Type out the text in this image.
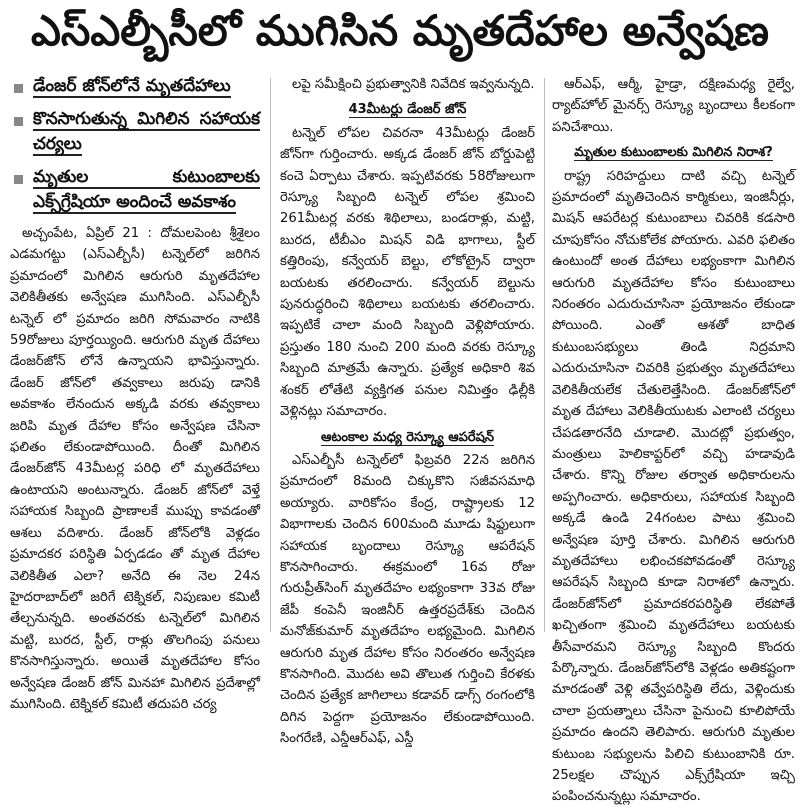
ఎస్ఎల్బీసీలో ముగిసిన మృతదేహాల అన్వేషణ
డేంజర్ జోన్‌లోనే మృతదేహాలు
కొనసాగుతున్న మిగిలిన సహాయక చర్యలు
మృతుల కుటుంబాలకు ఎక్స్‌గ్రేషియా అందించే అవకాశం

అచ్చంపేట, ఏప్రిల్ 21 : దోమలపెంట శ్రీశైలం ఎడమగట్టు (ఎస్ఎల్బీసీ) టన్నెల్‌లో జరిగిన ప్రమాదంలో మిగిలిన ఆరుగురి మృతదేహాల వెలికితీతకు అన్వేషణ ముగిసింది. ఎస్ఎల్బీసీ టన్నెల్ లో ప్రమాదం జరిగి సోమవారం నాటికి 59రోజులు పూర్తయ్యింది. ఆరుగురి మృత దేహాలు డేంజర్‌జోన్ లోనే ఉన్నాయని భావిస్తున్నారు. డేంజర్ జోన్‌లో తవ్వకాలు జరుపు డానికి అవకాశం లేనందున అక్కడి వరకు తవ్వకాలు జరిపి మృత దేహాల కోసం అన్వేషణ చేసినా ఫలితం లేకుండాపోయింది. దీంతో మిగిలిన డేంజర్‌జోన్ 43మీటర్ల పరిధి లో మృతదేహాలు ఉంటాయని అంటున్నారు. డేంజర్ జోన్‌లో వెళ్తే సహాయక సిబ్బంది ప్రాణాలకే ముప్పు కావడంతో ఆశలు వదిశారు. డేంజర్ జోన్‌లోకి వెళ్లడం ప్రమాదకర పరిస్థితి ఏర్పడడం తో మృత దేహాల వెలికితీత ఎలా? అనేది ఈ నెల 24న హైదరాబాద్‌లో జరిగే టెక్నికల్, నిపుణుల కమిటీ తేల్చనున్నది. అంతవరకు టన్నెల్‌లో మిగిలిన మట్టి, బురద, స్టీల్, రాళ్లు తొలగింపు పనులు కొనసాగిస్తున్నారు. అయితే మృతదేహాల కోసం అన్వేషణ డేంజర్ జోన్ మినహా మిగిలిన ప్రదేశాల్లో ముగిసింది. టెక్నికల్ కమిటీ తదుపరి చర్య

లపై సమీక్షించి ప్రభుత్వానికి నివేదిక ఇవ్వనున్నది.

43మీటర్లు డేంజర్ జోన్

టన్నెల్ లోపల చివరనా 43మీటర్లు డేంజర్ జోన్‌గా గుర్తించారు. అక్కడ డేంజర్ జోన్ బోర్డుపెట్టి కంచె ఏర్పాటు చేశారు. ఇప్పటివరకు 58రోజులుగా రెస్క్యూ సిబ్బంది టన్నెల్ లోపల శ్రమించి 261మీటర్ల వరకు శిథిలాలు, బండరాళ్లు, మట్టి, బురద, టీబీఎం మిషన్ విడి భాగాలు, స్టీల్ కత్తిరింపు, కన్వేయర్ బెల్టు, లోకోట్రైన్ ద్వారా బయటకు తరలించారు. కన్వేయర్ బెల్టును పునరుద్ధరించి శిథిలాలు బయటకు తరలించారు. ఇప్పటికే చాలా మంది సిబ్బంది వెళ్లిపోయారు. ప్రస్తుతం 180 నుంచి 200 మంది వరకు రెస్క్యూ సిబ్బంది మాత్రమే ఉన్నారు. ప్రత్యేక అధికారి శివ శంకర్ లోతేటి వ్యక్తిగత పనుల నిమిత్తం ఢిల్లీకి వెళ్లినట్లు సమాచారం.

ఆటంకాల మధ్య రెస్క్యూ ఆపరేషన్

ఎస్ఎల్బీసీ టన్నెల్‌లో ఫిబ్రవరి 22న జరిగిన ప్రమాదంలో 8మంది చిక్కుకొని సజీవసమాధి అయ్యారు. వారికోసం కేంద్ర, రాష్ట్రాలకు 12 విభాగాలకు చెందిన 600మంది మూడు షిఫ్టులుగా సహాయక బృందాలు రెస్క్యూ ఆపరేషన్ కొనసాగించారు. ఈక్రమంలో 16వ రోజు గురుప్రీత్‌సింగ్ మృతదేహం లభ్యంకాగా 33వ రోజు జేపీ కంపెనీ ఇంజినీర్ ఉత్తరప్రదేశ్‌కు చెందిన మనోజ్‌కుమార్ మృతదేహం లభ్యమైంది. మిగిలిన ఆరుగురి మృత దేహాల కోసం నిరంతరం అన్వేషణ కొనసాగింది. మొదట అవి తొలుత గుర్తించి కేరళకు చెందిన ప్రత్యేక జాగిలాలు కడావర్ డాగ్స్ రంగంలోకి దిగిన పెద్దగా ప్రయోజనం లేకుండాపోయింది. సింగరేణి, ఎన్డీఆర్ఎఫ్, ఎస్డీ

ఆర్ఎఫ్, ఆర్మీ, హైడ్రా, దక్షిణమధ్య రైల్వే, ర్యాట్‌హోల్ మైనర్స్ రెస్క్యూ బృందాలు కీలకంగా పనిచేశాయి.

మృతుల కుటుంబాలకు మిగిలిన నిరాశ?

రాష్ట్ర సరిహద్దులు దాటి వచ్చి టన్నెల్ ప్రమాదంలో మృతిచెందిన కార్మికులు, ఇంజినీర్లు, మిషన్ ఆపరేటర్ల కుటుంబాలు చివరికి కడసారి చూపుకోసం నోచుకోలేక పోయారు. ఎవరి ఫలితం ఉంటుందో అంత దేహాలు లభ్యంకాగా మిగిలిన ఆరుగురి మృతదేహాల కోసం కుటుంబాలు నిరంతరం ఎదురుచూసినా ప్రయోజనం లేకుండా పోయింది. ఎంతో ఆశతో బాధిత కుటుంబసభ్యులు తిండి నిద్రమాని ఎదురుచూసినా చివరికి ప్రభుత్వం మృతదేహాలు వెలికితీయలేక చేతులెత్తేసింది. డేంజర్‌జోన్‌లో మృత దేహాలు వెలికితీయుటకు ఎలాంటి చర్యలు చేపడతారనేది చూడాలి. మొదట్లో ప్రభుత్వం, మంత్రులు హెలికాప్టర్‌లో వచ్చి హడావుడి చేశారు. కొన్ని రోజుల తర్వాత అధికారులను అప్పగించారు. అధికారులు, సహాయక సిబ్బంది అక్కడే ఉండి 24గంటల పాటు శ్రమించి అన్వేషణ పూర్తి చేశారు. మిగిలిన ఆరుగురి మృతదేహాలు లభించకపోవడంతో రెస్క్యూ ఆపరేషన్ సిబ్బంది కూడా నిరాశలో ఉన్నారు. డేంజర్‌జోన్‌లో ప్రమాదకరపరిస్థితి లేకపోతే ఖచ్చితంగా శ్రమించి మృతదేహాలు బయటకు తీసేవారమని రెస్క్యూ సిబ్బంది కొందరు పేర్కొన్నారు. డేంజర్‌జోన్‌లోకి వెళ్లడం అతికష్టంగా మారడంతో వెళ్లి తవ్వేపరిస్థితి లేదు, వెళ్లిందుకు చాలా ప్రయత్నాలు చేసినా పైనుంచి కూలిపోయే ప్రమాదం ఉందని తెలిపారు. ఆరుగురి మృతుల కుటుంబ సభ్యులను పిలిచి కుటుంబానికి రూ. 25లక్షల చొప్పున ఎక్స్‌గ్రేషియా ఇచ్చి పంపించనున్నట్లు సమాచారం.
